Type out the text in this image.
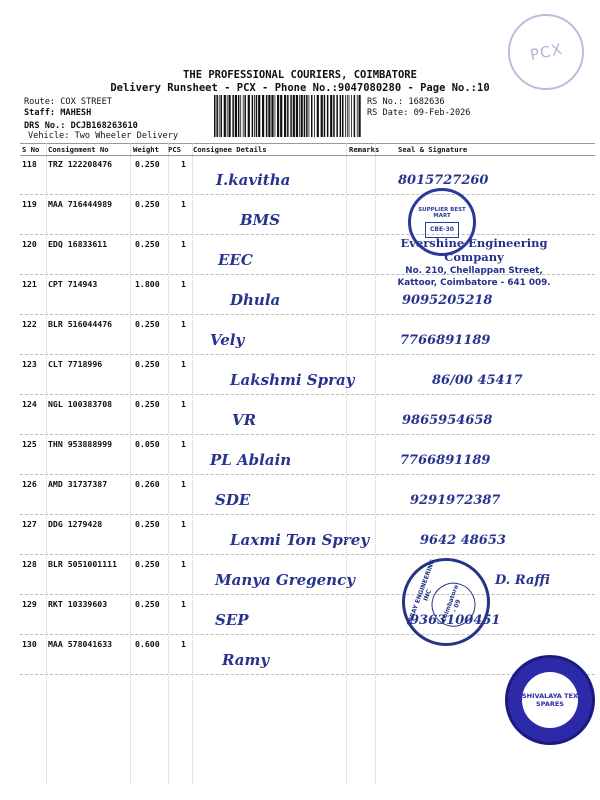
PCX
THE PROFESSIONAL COURIERS, COIMBATORE
Delivery Runsheet - PCX - Phone No.:9047080280 - Page No.:10
Route: COX STREET
Staff: MAHESH
DRS No.: DCJB168263610
Vehicle: Two Wheeler Delivery
RS No.: 1682636
RS Date: 09-Feb-2026
S No Consignment No	Weight PCS Consignee Details	Remarks	Seal & Signature
118 TRZ 122208476	0.250	1
I.kavitha	8015727260
119 MAA 716444989	0.250	1
BMS
120 EDQ 16833611	0.250	1
EEC
121 CPT 714943	1.800	1
Dhula	9095205218
122 BLR 516044476	0.250	1
Vely	7766891189
123 CLT 7718996	0.250	1
Lakshmi Spray	86/00 45417
124 NGL 100383708	0.250	1
VR	9865954658
125 THN 953888999	0.050	1
PL Ablain	7766891189
126 AMD 31737387	0.260	1
SDE	9291972387
127 DDG 1279428	0.250	1
Laxmi Ton Sprey	9642 48653
128 BLR 5051001111 0.250	1
Manya Gregency	D. Raffi
129 RKT 10339603	0.250	1
SEP	9363100451
130 MAA 578041633	0.600	1
Ramy
SUPPLIER BEST MART
CBE-30
Evershine Engineering Company
No. 210, Chellappan Street,
Kattoor, Coimbatore - 641 009.
ARRAY ENGINEERING INC	Coimbatore - 09
SHIVALAYA TEX SPARES
